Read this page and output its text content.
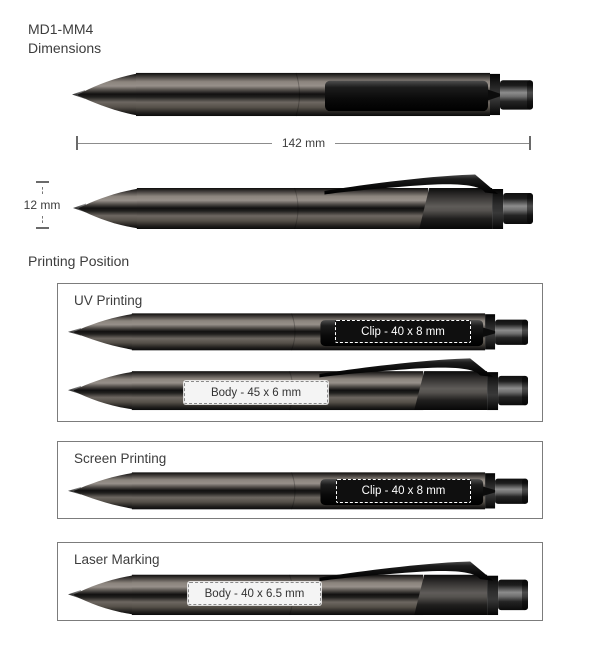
MD1-MM4
Dimensions
142 mm
12 mm
Printing Position
UV Printing
Clip - 40 x 8 mm
Body - 45 x 6 mm
Screen Printing
Clip - 40 x 8 mm
Laser Marking
Body - 40 x 6.5 mm
